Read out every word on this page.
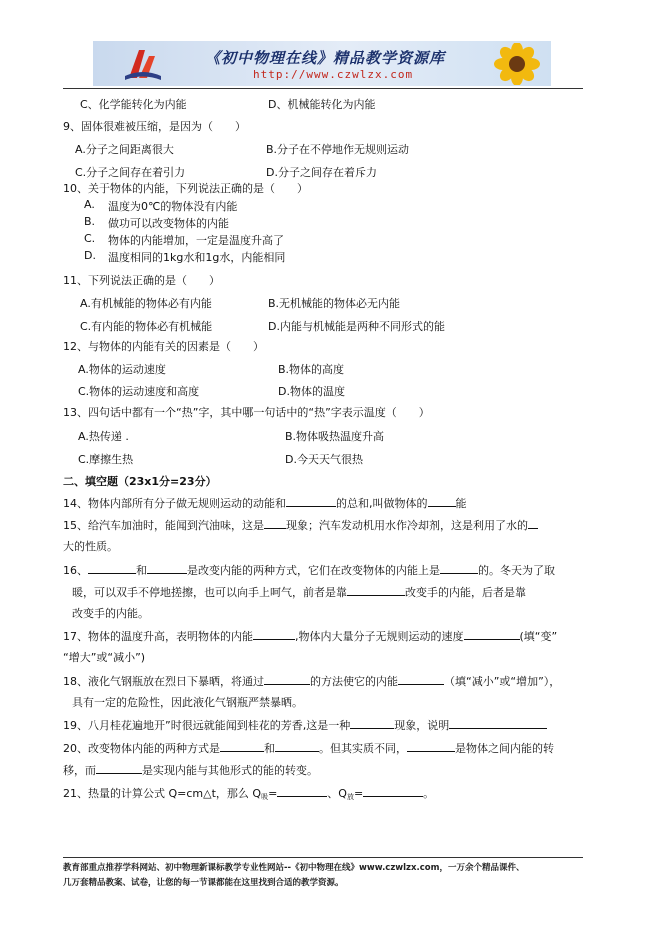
《初中物理在线》精品教学资源库
http://www.czwlzx.com
C、化学能转化为内能	D、机械能转化为内能
9、固体很难被压缩，是因为（　　）
A.分子之间距离很大	B.分子在不停地作无规则运动
C.分子之间存在着引力	D.分子之间存在着斥力
10、关于物体的内能，下列说法正确的是（　　）
A. 温度为0℃的物体没有内能
B. 做功可以改变物体的内能
C. 物体的内能增加，一定是温度升高了
D. 温度相同的1kg水和1g水，内能相同
11、下列说法正确的是（　　）
A.有机械能的物体必有内能	B.无机械能的物体必无内能
C.有内能的物体必有机械能	D.内能与机械能是两种不同形式的能
12、与物体的内能有关的因素是（　　）
A.物体的运动速度	B.物体的高度
C.物体的运动速度和高度	D.物体的温度
13、四句话中都有一个“热”字，其中哪一句话中的“热”字表示温度（　　）
A.热传递 .	B.物体吸热温度升高
C.摩擦生热	D.今天天气很热
二、填空题（23x1分=23分）
14、物体内部所有分子做无规则运动的动能和	的总和,叫做物体的	能
15、给汽车加油时，能闻到汽油味，这是 现象；汽车发动机用水作冷却剂，这是利用了水的
大的性质。
16、	和	是改变内能的两种方式，它们在改变物体的内能上是	的。冬天为了取
暖，可以双手不停地搓擦，也可以向手上呵气，前者是靠	改变手的内能，后者是靠
改变手的内能。
17、物体的温度升高，表明物体的内能	,物体内大量分子无规则运动的速度	(填“变”
“增大”或“减小”)
18、液化气钢瓶放在烈日下暴晒，将通过	的方法使它的内能	（填“减小”或“增加”），
具有一定的危险性，因此液化气钢瓶严禁暴晒。
19、八月桂花遍地开”时很远就能闻到桂花的芳香,这是一种	现象，说明
20、改变物体内能的两种方式是	和	。但其实质不同，	是物体之间内能的转
移，而	是实现内能与其他形式的能的转变。
21、热量的计算公式 Q=cm△t，那么 $Q_吸=$	、$Q_放=$	。
教育部重点推荐学科网站、初中物理新课标教学专业性网站--《初中物理在线》www.czwlzx.com，一万余个精品课件、
几万套精品教案、试卷，让您的每一节课都能在这里找到合适的教学资源。
